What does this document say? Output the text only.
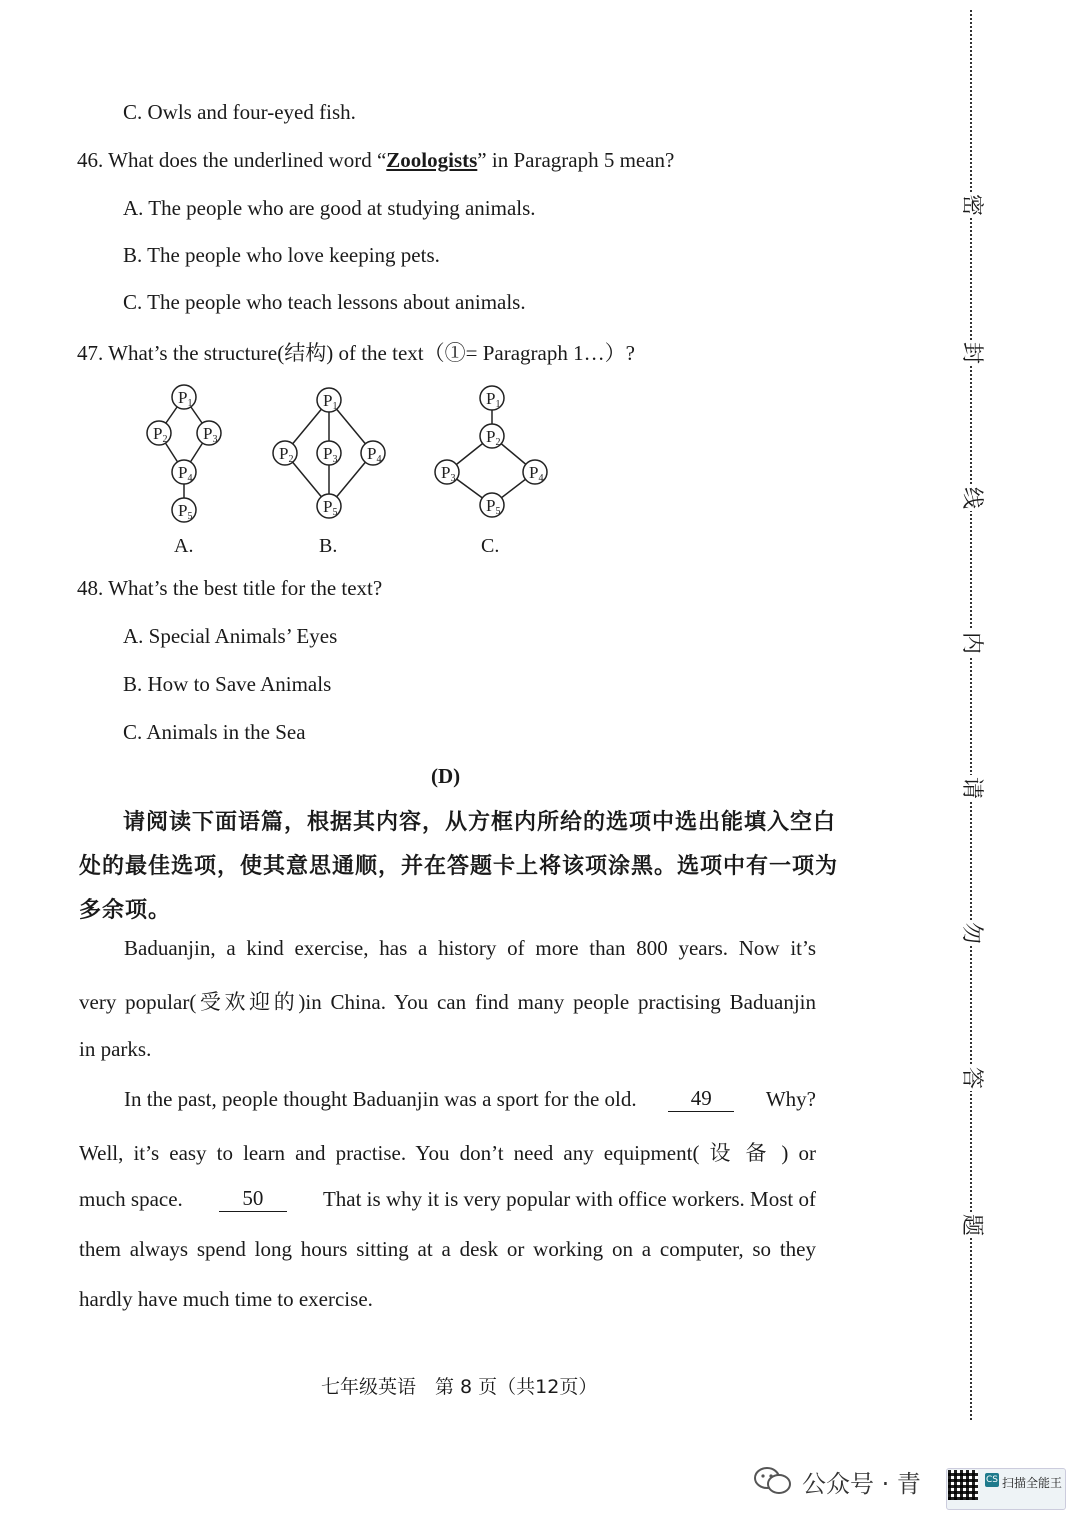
C. Owls and four-eyed fish.
46. What does the underlined word “Zoologists” in Paragraph 5 mean?
A. The people who are good at studying animals.
B. The people who love keeping pets.
C. The people who teach lessons about animals.
47. What’s the structure(结构) of the text（①= Paragraph 1…）?
P1
P2 P3
P4
P5
A.
P1
P2 P3 P4
P5
B.
P1
P2
P3	P4
P5
C.
48. What’s the best title for the text?
A. Special Animals’ Eyes
B. How to Save Animals
C. Animals in the Sea
(D)
请阅读下面语篇，根据其内容，从方框内所给的选项中选出能填入空白
处的最佳选项，使其意思通顺，并在答题卡上将该项涂黑。选项中有一项为
多余项。
Baduanjin, a kind exercise, has a history of more than 800 years. Now it’s
very popular(受欢迎的)in China. You can find many people practising Baduanjin
in parks.
In the past, people thought Baduanjin was a sport for the old.	49	Why?
Well, it’s easy to learn and practise. You don’t need any equipment( 设 备 ) or
much space.	50	That is why it is very popular with office workers. Most of
them always spend long hours sitting at a desk or working on a computer, so they
hardly have much time to exercise.
七年级英语　第 8 页（共12页）
密
封
线
内
请
勿
答
题
公众号 · 青	CS 扫描全能王
